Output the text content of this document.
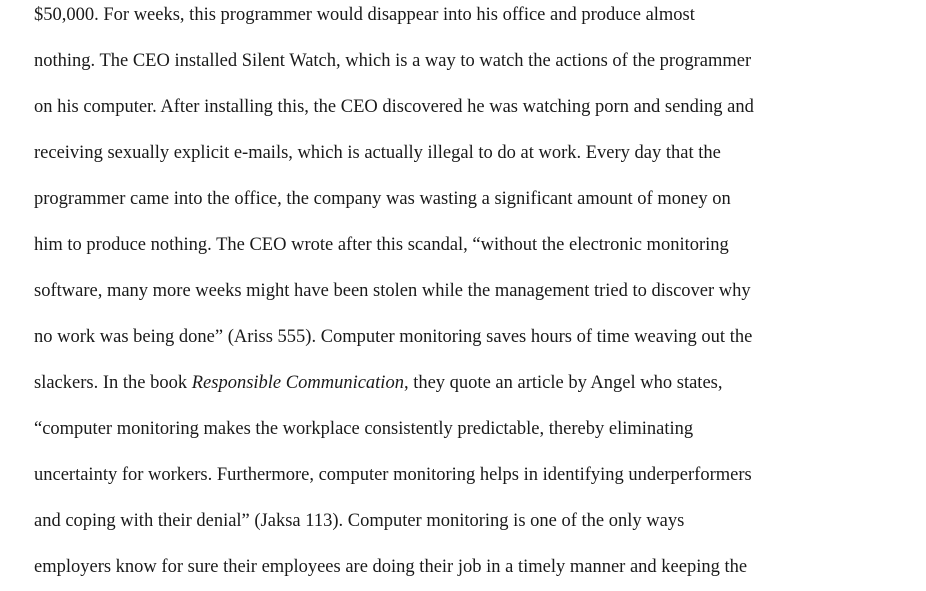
$50,000. For weeks, this programmer would disappear into his office and produce almost
nothing. The CEO installed Silent Watch, which is a way to watch the actions of the programmer
on his computer. After installing this, the CEO discovered he was watching porn and sending and
receiving sexually explicit e-mails, which is actually illegal to do at work. Every day that the
programmer came into the office, the company was wasting a significant amount of money on
him to produce nothing. The CEO wrote after this scandal, “without the electronic monitoring
software, many more weeks might have been stolen while the management tried to discover why
no work was being done” (Ariss 555). Computer monitoring saves hours of time weaving out the
slackers. In the book Responsible Communication, they quote an article by Angel who states,
“computer monitoring makes the workplace consistently predictable, thereby eliminating
uncertainty for workers. Furthermore, computer monitoring helps in identifying underperformers
and coping with their denial” (Jaksa 113). Computer monitoring is one of the only ways
employers know for sure their employees are doing their job in a timely manner and keeping the
